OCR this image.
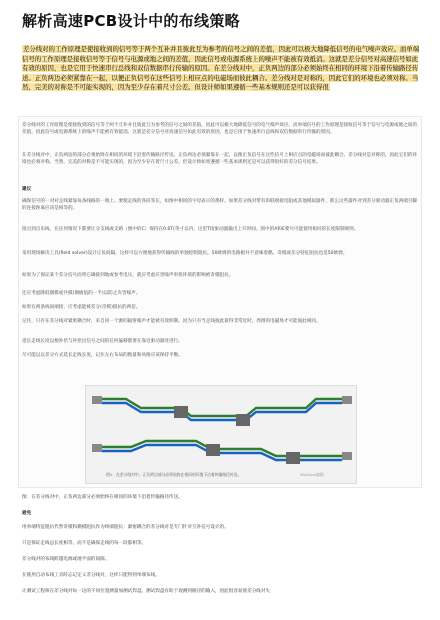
解析高速PCB设计中的布线策略
差分线对的工作原理是使接收到的信号等于两个互补并且彼此互为参考的信号之间的差值，因此可以极大地降低信号的电气噪声效应。而单端信号的工作原理是接收信号等于信号与电源或地之间的差值，因此信号或电源系统上的噪声不能被有效抵消。这就是差分信号对高速信号如此有效的原因，也是它用于快速串行总线和双信数据串行传输的原因。在差分线对中，正负两边的部分必须始终在相同的环境下沿着传输路径传送。正负两边必须紧靠在一起，以便正负信号在这些信号上相应点的电磁场而彼此耦合。差分线对是对称的，因此它们的环境也必须对称。当然，完美的对称是不可能实现的，因为至少存在着尺寸公差。但设计师如果遵循一些基本规则还是可以获得很
差分线对的工作原理是使接收到的信号等于两个互补并且彼此互为参考的信号之间的差值，因此可以极大地降低信号的电气噪声效应。而单端信号的工作原理是接收信号等于信号与电源或地之间的差值，因此信号或电源系统上的噪声不能被有效抵消。这就是差分信号对高速信号如此有效的原因，也是它用于快速串行总线和双信数据串行传输的原因。
在差分线对中，正负两边的部分必须始终在相同的环境下沿着传输路径传送。正负两边必须紧靠在一起，以便正负信号在这些信号上相应点的电磁场而彼此耦合。差分线对是对称的，因此它们的环境也必须对称。当然，完美的对称是不可能实现的，因为至少存在着尺寸公差。但设计师如果遵循一些基本规则还是可以获得很好的差分信号结果。
建议
确保信号的一对对走线紧靠每条线路的一端上。要使走线的各段等长，如图中相同的字母表示的那样。如果差分线对带有串联端接电阻或其他模拟器件，那么这些器件对到差分驱动器正负两端引脚的连接距离应该是相等的。
接点到点布线，在任何情况下都要让分支线或支路（图中的C）保持在0.6T(英寸以内，这里T指驱动器输出上升时间。图中的A和E要尽可能使用相同的长度限制规则。
采用现场解决工具(field solver)设计正负间隔，这样可以方便地获得传输线的单独控制阻抗。50欧姆的电路板并不意味着偶、奇模或差分特征阻抗也是50欧姆。
如果为了保证某个差分信号而将它确接到地或参考电压，就应考虑应害噪声串扰环境的影响被奇模阻抗。
还应考虑降低偶模或共模(偶极值的一半)以防止有害噪声。
如果在两条线间端接，应考虑能被差分(奇模)阻抗的两倍。
记住，只有在差分线对紧密耦合时，来自同一个源的辐射噪声才能被有效抑制。因为只有当走线彼此靠得非常近时，周围的电磁场才可能彼此相同。
延长走线长度以便补偿与补偿出信号之间的任何偏移都要在靠近驱动器处进行。
尽可能以以差分方式延长走线长度，记住左右布局的数量和风格应该保持平衡。
图1：在差分线对中，正负两边部分必须始终在相同的环境下沿着传输路径传送。	WinDum编辑
图：在差分线对中，正负两边部分必须始终在相同的环境下沿着传输路径传送。
避免
用单端特征阻抗代替奇模和偶模阻抗作为终端阻抗：紧密耦合的差分线对是专门针对互补信号设计的。
只是保证走线总长度相等，而不是确保走线的每一段都相等。
差分线对的布线跨越电源或地平面的间隙。
在使用自动布线工具时忘记定义差分线对，这样只能得到单端布线。
让测试工程师在差分线对每一边的不同位置测量加测试焊盘。测试焊盘有助于观测到路径的输入，因此很容易使差分线对失
